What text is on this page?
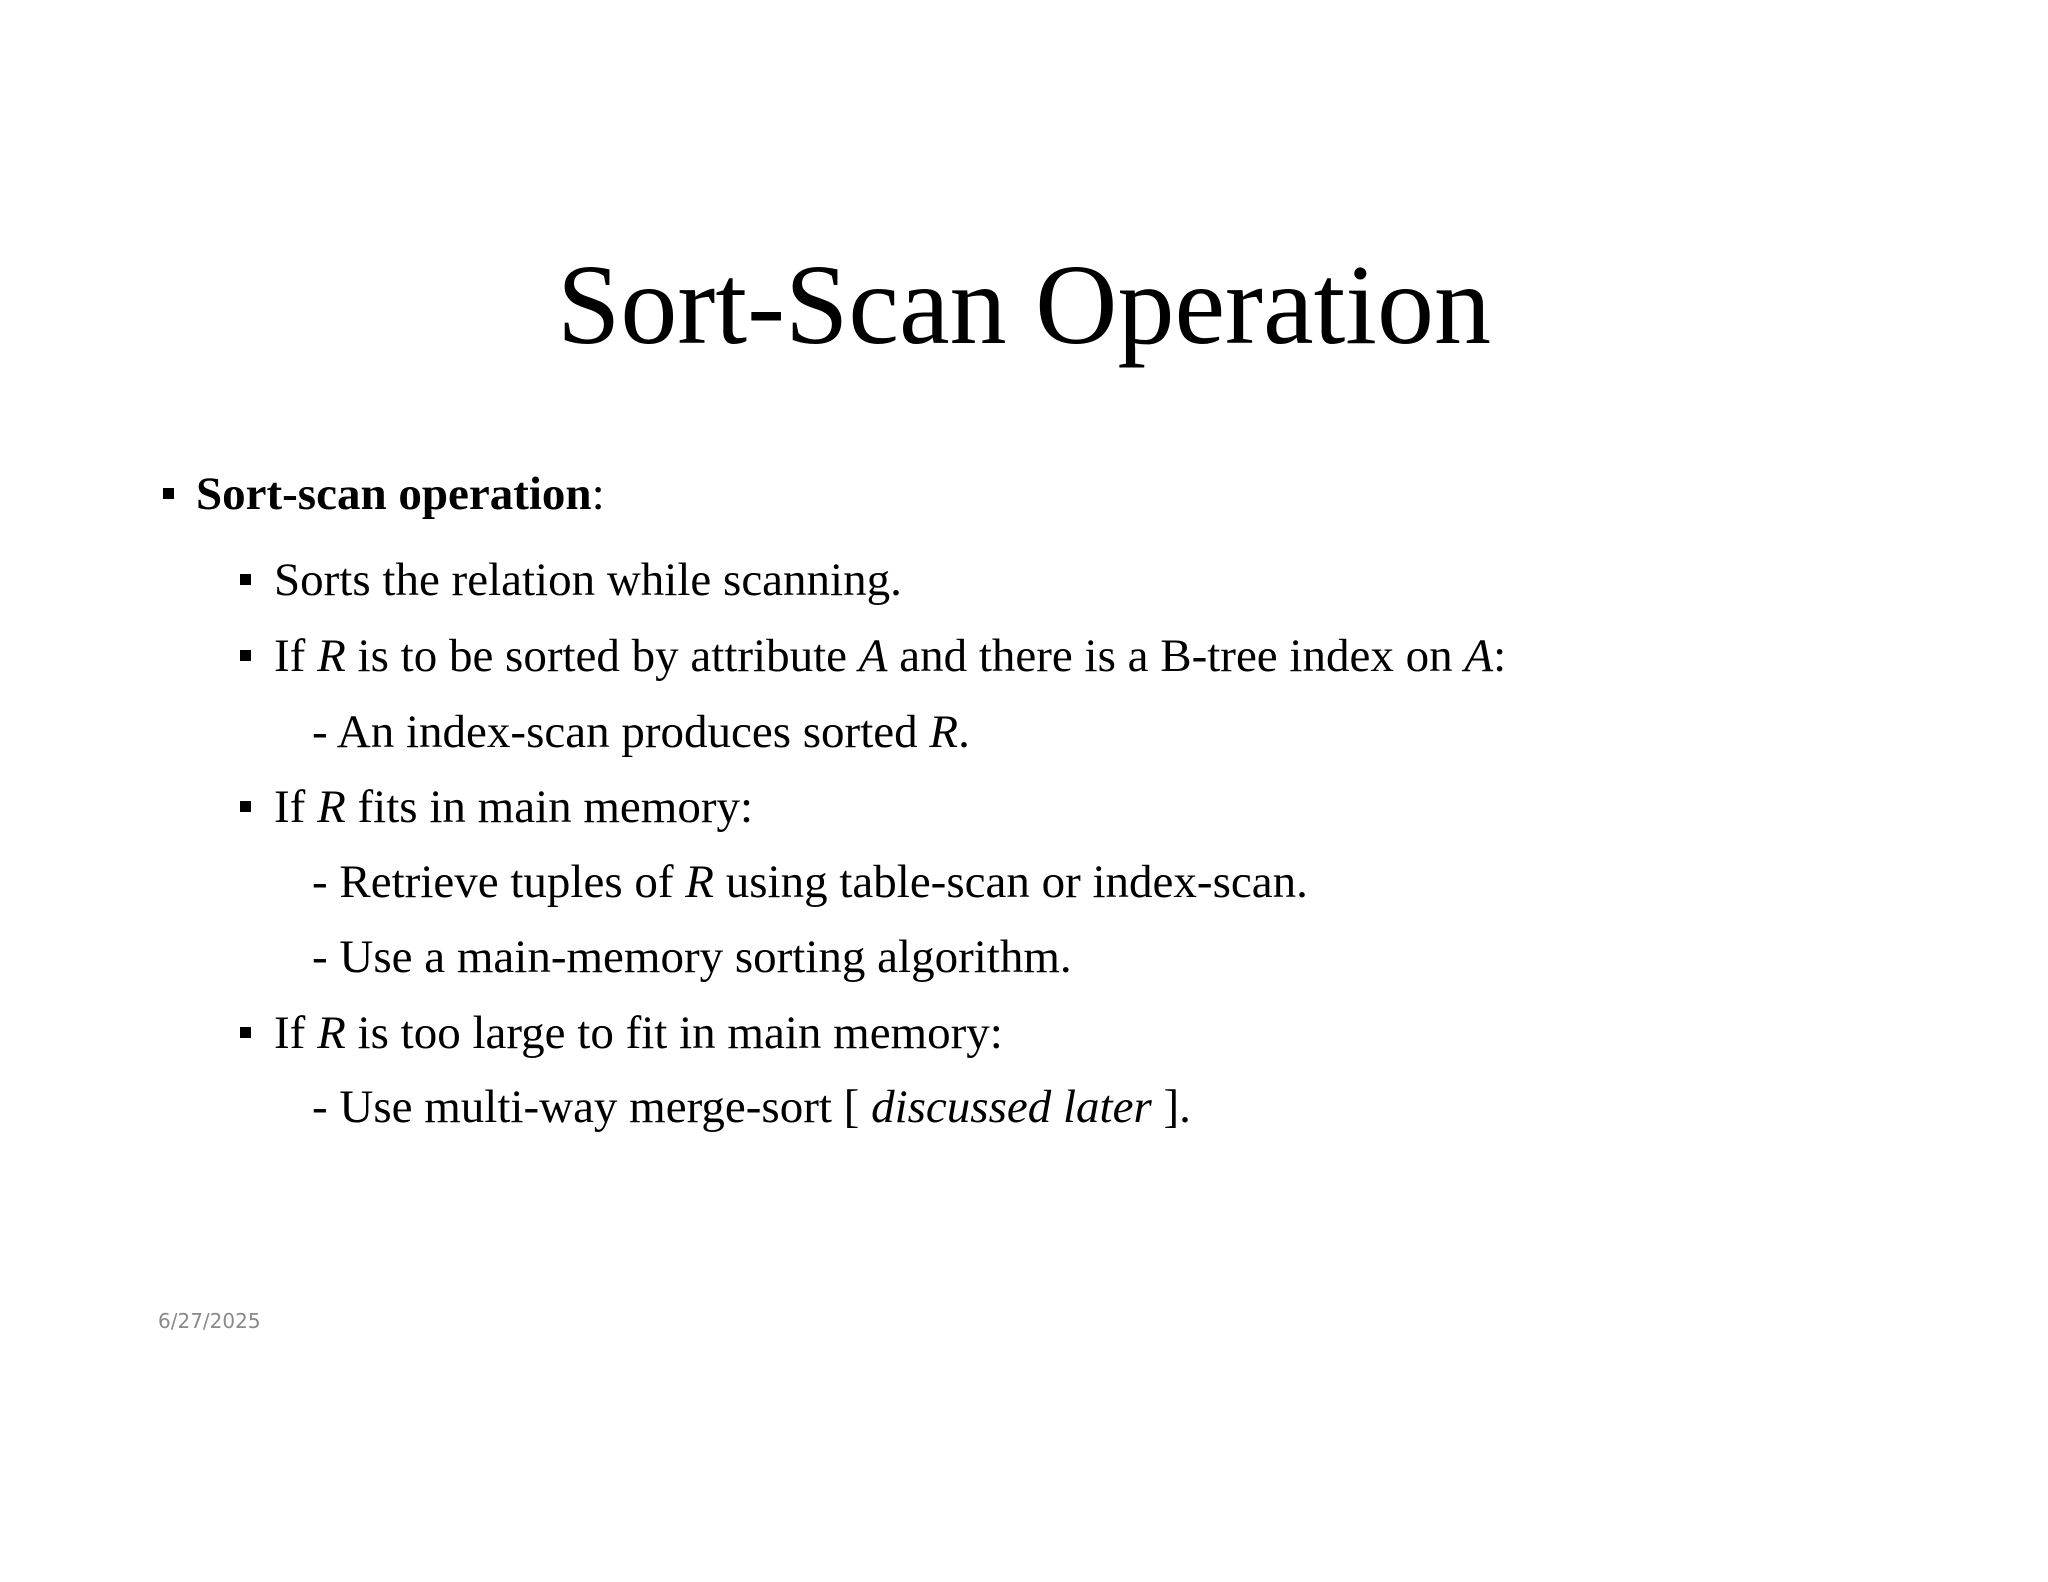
Sort-Scan Operation
Sort-scan operation:
Sorts the relation while scanning.
If R is to be sorted by attribute A and there is a B-tree index on A:
- An index-scan produces sorted R.
If R fits in main memory:
- Retrieve tuples of R using table-scan or index-scan.
- Use a main-memory sorting algorithm.
If R is too large to fit in main memory:
- Use multi-way merge-sort [ discussed later ].
6/27/2025
